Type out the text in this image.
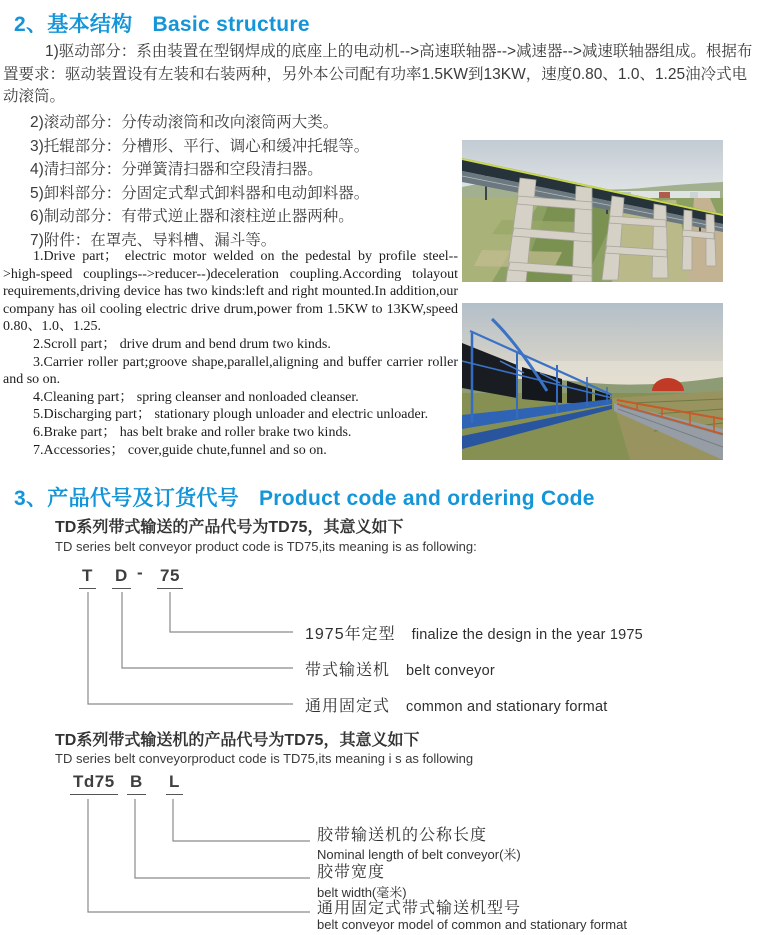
2、基本结构 Basic structure

1)驱动部分：系由装置在型钢焊成的底座上的电动机-->高速联轴器-->减速器-->减速联轴器组成。根据布置要求：驱动装置设有左装和右装两种，另外本公司配有功率1.5KW到13KW，速度0.80、1.0、1.25油冷式电动滚筒。

2)滚动部分：分传动滚筒和改向滚筒两大类。
3)托辊部分：分槽形、平行、调心和缓冲托辊等。
4)清扫部分：分弹簧清扫器和空段清扫器。
5)卸料部分：分固定式犁式卸料器和电动卸料器。
6)制动部分：有带式逆止器和滚柱逆止器两种。
7)附件：在罩壳、导料槽、漏斗等。

1.Drive part； electric motor welded on the pedestal by profile steel-->high-speed couplings-->reducer--)deceleration coupling.According tolayout requirements,driving device has two kinds:left and right mounted.In addition,our company has oil cooling electric drive drum,power from 1.5KW to 13KW,speed 0.80、1.0、1.25.

2.Scroll part； drive drum and bend drum two kinds.

3.Carrier roller part;groove shape,parallel,aligning and buffer carrier roller and so on.

4.Cleaning part； spring cleanser and nonloaded cleanser.

5.Discharging part； stationary plough unloader and electric unloader.

6.Brake part； has belt brake and roller brake two kinds.

7.Accessories； cover,guide chute,funnel and so on.

3、产品代号及订货代号 Product code and ordering Code
TD系列带式输送的产品代号为TD75，其意义如下
TD series belt conveyor product code is TD75,its meaning is as following:
T D - 75
1975年定型 finalize the design in the year 1975
带式输送机 belt conveyor
通用固定式 common and stationary format
TD系列带式输送机的产品代号为TD75，其意义如下
TD series belt conveyorproduct code is TD75,its meaning i s as following
Td75 B L
胶带输送机的公称长度
Nominal length of belt conveyor(米)
胶带宽度
belt width(毫米)
通用固定式带式输送机型号
belt conveyor model of common and stationary format
